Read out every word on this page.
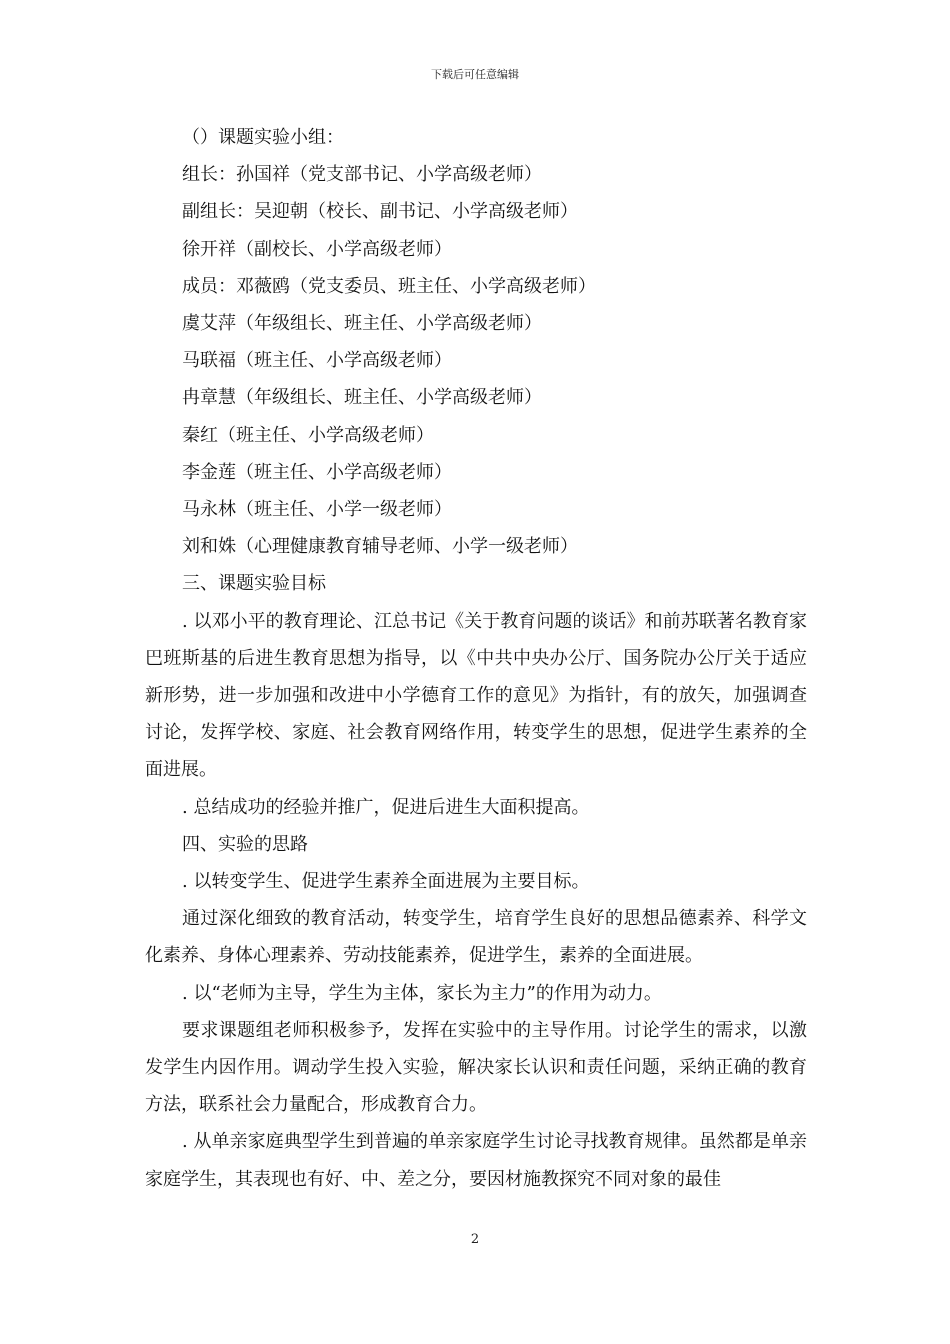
下载后可任意编辑

（）课题实验小组：

组长：孙国祥（党支部书记、小学高级老师）

副组长：吴迎朝（校长、副书记、小学高级老师）

徐开祥（副校长、小学高级老师）

成员：邓薇鸥（党支委员、班主任、小学高级老师）

虞艾萍（年级组长、班主任、小学高级老师）

马联福（班主任、小学高级老师）

冉章慧（年级组长、班主任、小学高级老师）

秦红（班主任、小学高级老师）

李金莲（班主任、小学高级老师）

马永林（班主任、小学一级老师）

刘和姝（心理健康教育辅导老师、小学一级老师）

三、课题实验目标

. 以邓小平的教育理论、江总书记《关于教育问题的谈话》和前苏联著名教育家巴班斯基的后进生教育思想为指导，以《中共中央办公厅、国务院办公厅关于适应新形势，进一步加强和改进中小学德育工作的意见》为指针，有的放矢，加强调查讨论，发挥学校、家庭、社会教育网络作用，转变学生的思想，促进学生素养的全面进展。

. 总结成功的经验并推广，促进后进生大面积提高。

四、实验的思路

. 以转变学生、促进学生素养全面进展为主要目标。

通过深化细致的教育活动，转变学生，培育学生良好的思想品德素养、科学文化素养、身体心理素养、劳动技能素养，促进学生，素养的全面进展。

. 以“老师为主导，学生为主体，家长为主力”的作用为动力。

要求课题组老师积极参予，发挥在实验中的主导作用。讨论学生的需求，以激发学生内因作用。调动学生投入实验，解决家长认识和责任问题，采纳正确的教育方法，联系社会力量配合，形成教育合力。

. 从单亲家庭典型学生到普遍的单亲家庭学生讨论寻找教育规律。虽然都是单亲家庭学生，其表现也有好、中、差之分，要因材施教探究不同对象的最佳

2
